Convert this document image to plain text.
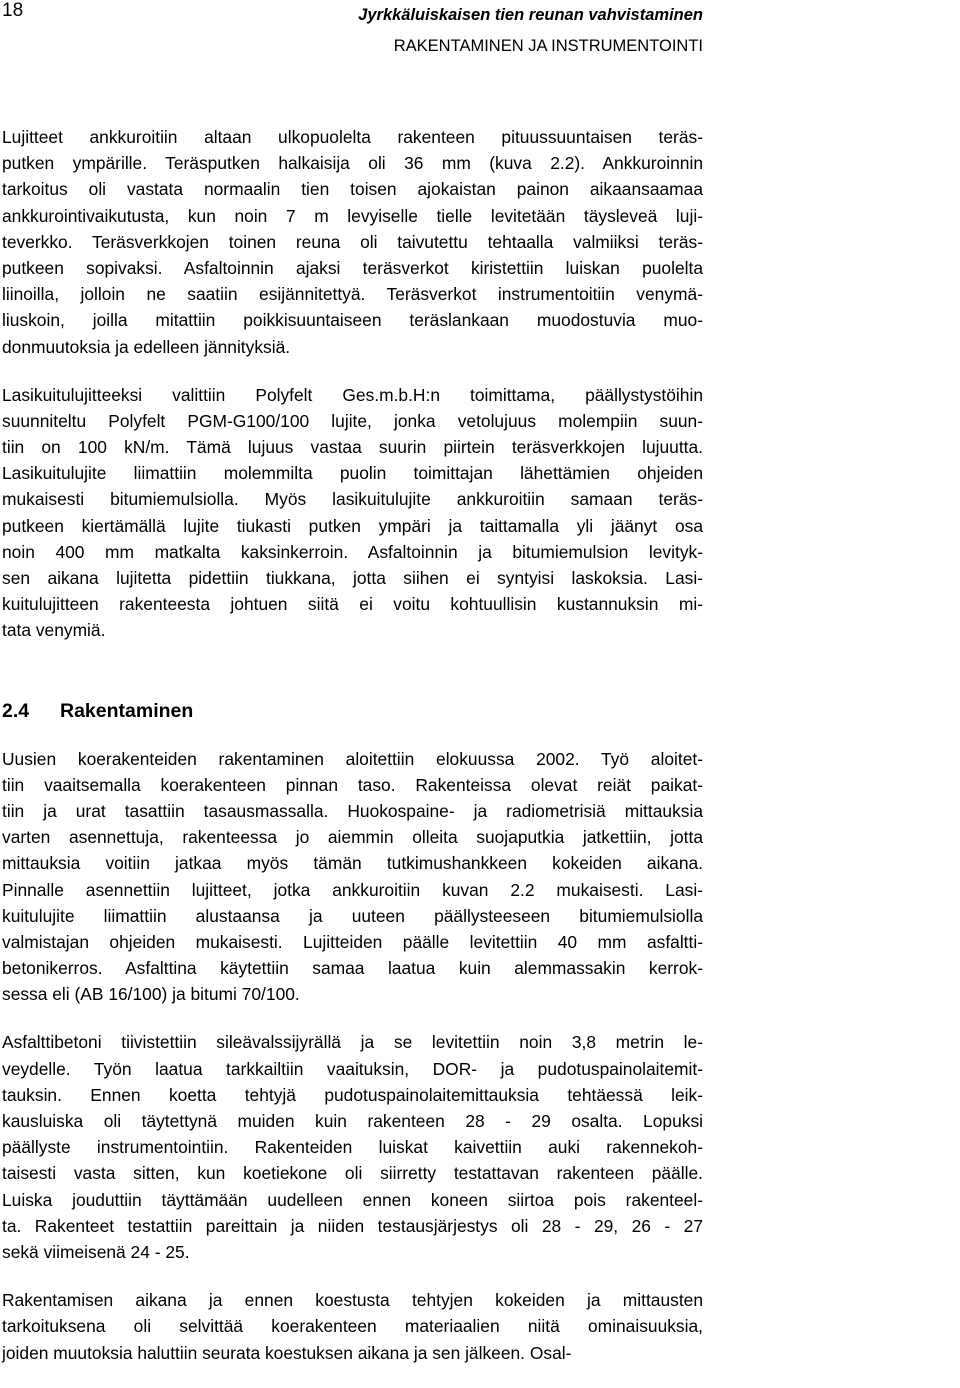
18	Jyrkkäluiskaisen tien reunan vahvistaminen
RAKENTAMINEN JA INSTRUMENTOINTI
Lujitteet ankkuroitiin altaan ulkopuolelta rakenteen pituussuuntaisen teräs-
putken ympärille. Teräsputken halkaisija oli 36 mm (kuva 2.2). Ankkuroinnin
tarkoitus oli vastata normaalin tien toisen ajokaistan painon aikaansaamaa
ankkurointivaikutusta, kun noin 7 m levyiselle tielle levitetään täysleveä luji-
teverkko. Teräsverkkojen toinen reuna oli taivutettu tehtaalla valmiiksi teräs-
putkeen sopivaksi. Asfaltoinnin ajaksi teräsverkot kiristettiin luiskan puolelta
liinoilla, jolloin ne saatiin esijännitettyä. Teräsverkot instrumentoitiin venymä-
liuskoin, joilla mitattiin poikkisuuntaiseen teräslankaan muodostuvia muo-
donmuutoksia ja edelleen jännityksiä.
Lasikuitulujitteeksi valittiin Polyfelt Ges.m.b.H:n toimittama, päällystystöihin
suunniteltu Polyfelt PGM-G100/100 lujite, jonka vetolujuus molempiin suun-
tiin on 100 kN/m. Tämä lujuus vastaa suurin piirtein teräsverkkojen lujuutta.
Lasikuitulujite liimattiin molemmilta puolin toimittajan lähettämien ohjeiden
mukaisesti bitumiemulsiolla. Myös lasikuitulujite ankkuroitiin samaan teräs-
putkeen kiertämällä lujite tiukasti putken ympäri ja taittamalla yli jäänyt osa
noin 400 mm matkalta kaksinkerroin. Asfaltoinnin ja bitumiemulsion levityk-
sen aikana lujitetta pidettiin tiukkana, jotta siihen ei syntyisi laskoksia. Lasi-
kuitulujitteen rakenteesta johtuen siitä ei voitu kohtuullisin kustannuksin mi-
tata venymiä.
2.4 Rakentaminen
Uusien koerakenteiden rakentaminen aloitettiin elokuussa 2002. Työ aloitet-
tiin vaaitsemalla koerakenteen pinnan taso. Rakenteissa olevat reiät paikat-
tiin ja urat tasattiin tasausmassalla. Huokospaine- ja radiometrisiä mittauksia
varten asennettuja, rakenteessa jo aiemmin olleita suojaputkia jatkettiin, jotta
mittauksia voitiin jatkaa myös tämän tutkimushankkeen kokeiden aikana.
Pinnalle asennettiin lujitteet, jotka ankkuroitiin kuvan 2.2 mukaisesti. Lasi-
kuitulujite liimattiin alustaansa ja uuteen päällysteeseen bitumiemulsiolla
valmistajan ohjeiden mukaisesti. Lujitteiden päälle levitettiin 40 mm asfaltti-
betonikerros. Asfalttina käytettiin samaa laatua kuin alemmassakin kerrok-
sessa eli (AB 16/100) ja bitumi 70/100.
Asfalttibetoni tiivistettiin sileävalssijyrällä ja se levitettiin noin 3,8 metrin le-
veydelle. Työn laatua tarkkailtiin vaaituksin, DOR- ja pudotuspainolaitemit-
tauksin. Ennen koetta tehtyjä pudotuspainolaitemittauksia tehtäessä leik-
kausluiska oli täytettynä muiden kuin rakenteen 28 - 29 osalta. Lopuksi
päällyste instrumentointiin. Rakenteiden luiskat kaivettiin auki rakennekoh-
taisesti vasta sitten, kun koetiekone oli siirretty testattavan rakenteen päälle.
Luiska jouduttiin täyttämään uudelleen ennen koneen siirtoa pois rakenteel-
ta. Rakenteet testattiin pareittain ja niiden testausjärjestys oli 28 - 29, 26 - 27
sekä viimeisenä 24 - 25.
Rakentamisen aikana ja ennen koestusta tehtyjen kokeiden ja mittausten
tarkoituksena oli selvittää koerakenteen materiaalien niitä ominaisuuksia,
joiden muutoksia haluttiin seurata koestuksen aikana ja sen jälkeen. Osal-
